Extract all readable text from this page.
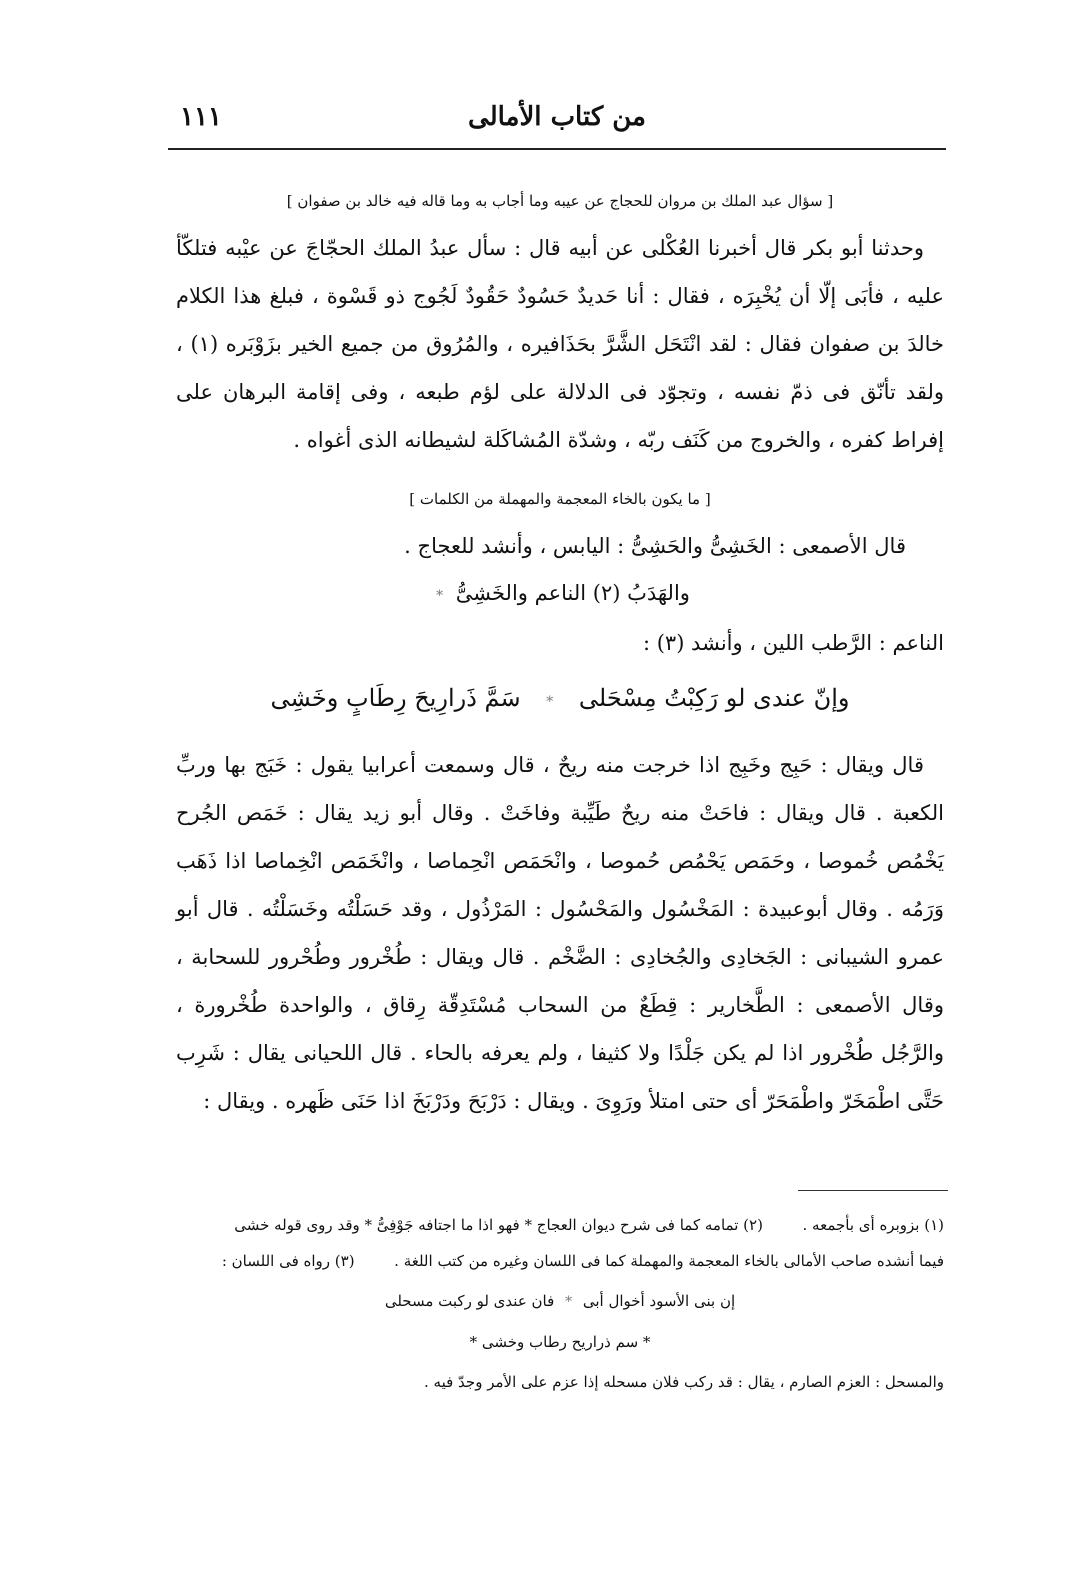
من كتاب الأمالى
١١١
[ سؤال عبد الملك بن مروان للحجاج عن عيبه وما أجاب به وما قاله فيه خالد بن صفوان ]

وحدثنا أبو بكر قال أخبرنا العُكْلى عن أبيه قال : سأل عبدُ الملك الحجّاجَ عن عيْبه فتلكّأ عليه ، فأبَى إلّا أن يُخْبِرَه ، فقال : أنا حَديدٌ حَسُودٌ حَقُودٌ لَجُوج ذو قَسْوة ، فبلغ هذا الكلام خالدَ بن صفوان فقال : لقد انْتَحَل الشَّرَّ بحَذَافيره ، والمُرُوق من جميع الخير بزَوْبَره (١) ، ولقد تأنّق فى ذمّ نفسه ، وتجوّد فى الدلالة على لؤم طبعه ، وفى إقامة البرهان على إفراط كفره ، والخروج من كَنَف ربّه ، وشدّة المُشاكَلة لشيطانه الذى أغواه .

[ ما يكون بالخاء المعجمة والمهملة من الكلمات ]

قال الأصمعى : الخَشِىُّ والحَشِىُّ : اليابس ، وأنشد للعجاج .

والهَدَبُ (٢) الناعم والخَشِىُّ *

الناعم : الرَّطب اللين ، وأنشد (٣) :

وإنّ عندى لو رَكِبْتُ مِسْحَلى * سَمَّ ذَرارِيحَ رِطَابٍ وخَشِى

قال ويقال : حَبِج وخَبِج اذا خرجت منه ريحٌ ، قال وسمعت أعرابيا يقول : خَبَج بها وربِّ الكعبة . قال ويقال : فاحَتْ منه ريحٌ طَيِّبة وفاخَتْ . وقال أبو زيد يقال : خَمَص الجُرح يَخْمُص خُموصا ، وحَمَص يَحْمُص حُموصا ، وانْحَمَص انْحِماصا ، وانْخَمَص انْخِماصا اذا ذَهَب وَرَمُه . وقال أبوعبيدة : المَخْسُول والمَحْسُول : المَرْذُول ، وقد حَسَلْتُه وخَسَلْتُه . قال أبو عمرو الشيبانى : الجَخادِى والجُخادِى : الضَّخْم . قال ويقال : طُخْرور وطُحْرور للسحابة ، وقال الأصمعى : الطَّخارير : قِطَعٌ من السحاب مُسْتَدِقّة رِقاق ، والواحدة طُخْرورة ، والرَّجُل طُخْرور اذا لم يكن جَلْدًا ولا كثيفا ، ولم يعرفه بالحاء . قال اللحيانى يقال : شَرِب حَتَّى اطْمَخَرّ واطْمَحَرّ أى حتى امتلأ ورَوِىَ . ويقال : دَرْبَحَ ودَرْبَخَ اذا حَنَى ظَهره . ويقال :

(١) بزوبره أى بأجمعه .  (٢) تمامه كما فى شرح ديوان العجاج * فهو اذا ما اجتافه جَوْفِىُّ * وقد روى قوله خشى

فيما أنشده صاحب الأمالى بالخاء المعجمة والمهملة كما فى اللسان وغيره من كتب اللغة .  (٣) رواه فى اللسان :

إن بنى الأسود أخوال أبى * فان عندى لو ركبت مسحلى
* سم ذراريح رطاب وخشى *

والمسحل : العزم الصارم ، يقال : قد ركب فلان مسحله إذا عزم على الأمر وجدّ فيه .
